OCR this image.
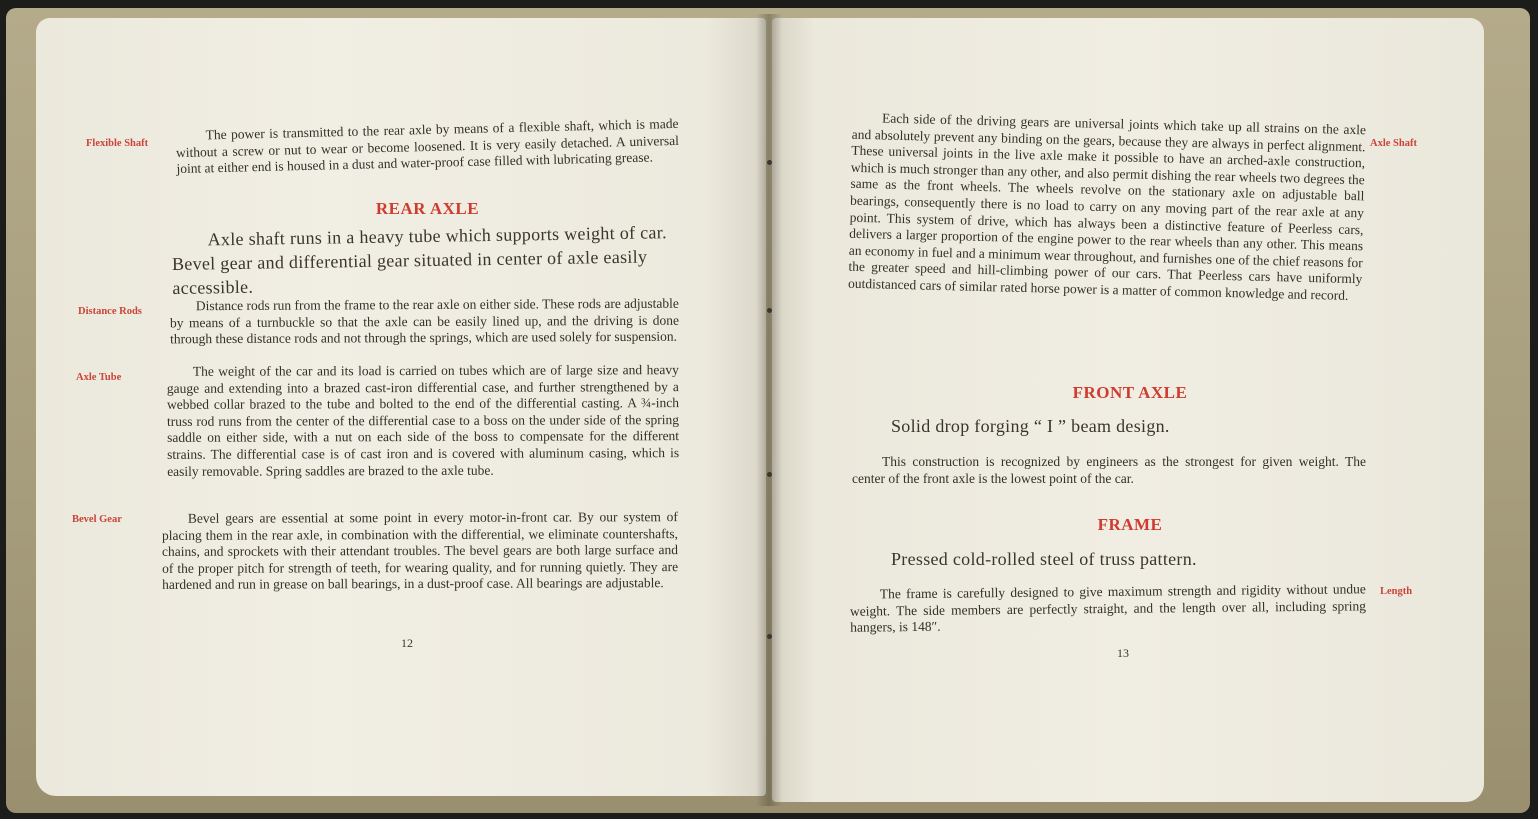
Flexible Shaft

The power is transmitted to the rear axle by means of a flexible shaft, which is made without a screw or nut to wear or become loosened. It is very easily detached. A universal joint at either end is housed in a dust and water-proof case filled with lubricating grease.

REAR AXLE

Axle shaft runs in a heavy tube which supports weight of car. Bevel gear and differential gear situated in center of axle easily accessible.

Distance Rods	Distance rods run from the frame to the rear axle on either side. These rods are adjustable by means of a turnbuckle so that the axle can be easily lined up, and the driving is done through these distance rods and not through the springs, which are used solely for suspension.

Axle Tube	The weight of the car and its load is carried on tubes which are of large size and heavy gauge and extending into a brazed cast-iron differential case, and further strengthened by a webbed collar brazed to the tube and bolted to the end of the differential casting. A ¾-inch truss rod runs from the center of the differential case to a boss on the under side of the spring saddle on either side, with a nut on each side of the boss to compensate for the different strains. The differential case is of cast iron and is covered with aluminum casing, which is easily removable. Spring saddles are brazed to the axle tube.

Bevel Gear	Bevel gears are essential at some point in every motor-in-front car. By our system of placing them in the rear axle, in combination with the differential, we eliminate countershafts, chains, and sprockets with their attendant troubles. The bevel gears are both large surface and of the proper pitch for strength of teeth, for wearing quality, and for running quietly. They are hardened and run in grease on ball bearings, in a dust-proof case. All bearings are adjustable.

12

Each side of the driving gears are universal joints which take up all strains on the axle and absolutely prevent any binding on the gears, because they are always in perfect alignment. These universal joints in the live axle make it possible to have an arched-axle construction, which is much stronger than any other, and also permit dishing the rear wheels two degrees the same as the front wheels. The wheels revolve on the stationary axle on adjustable ball bearings, consequently there is no load to carry on any moving part of the rear axle at any point. This system of drive, which has always been a distinctive feature of Peerless cars, delivers a larger proportion of the engine power to the rear wheels than any other. This means an economy in fuel and a minimum wear throughout, and furnishes one of the chief reasons for the greater speed and hill-climbing power of our cars. That Peerless cars have uniformly outdistanced cars of similar rated horse power is a matter of common knowledge and record.

Axle Shaft

FRONT AXLE

Solid drop forging “ I ” beam design.

This construction is recognized by engineers as the strongest for given weight. The center of the front axle is the lowest point of the car.

FRAME

Pressed cold-rolled steel of truss pattern.

The frame is carefully designed to give maximum strength and rigidity without undue weight. The side members are perfectly straight, and the length over all, including spring hangers, is 148″.

Length
13
